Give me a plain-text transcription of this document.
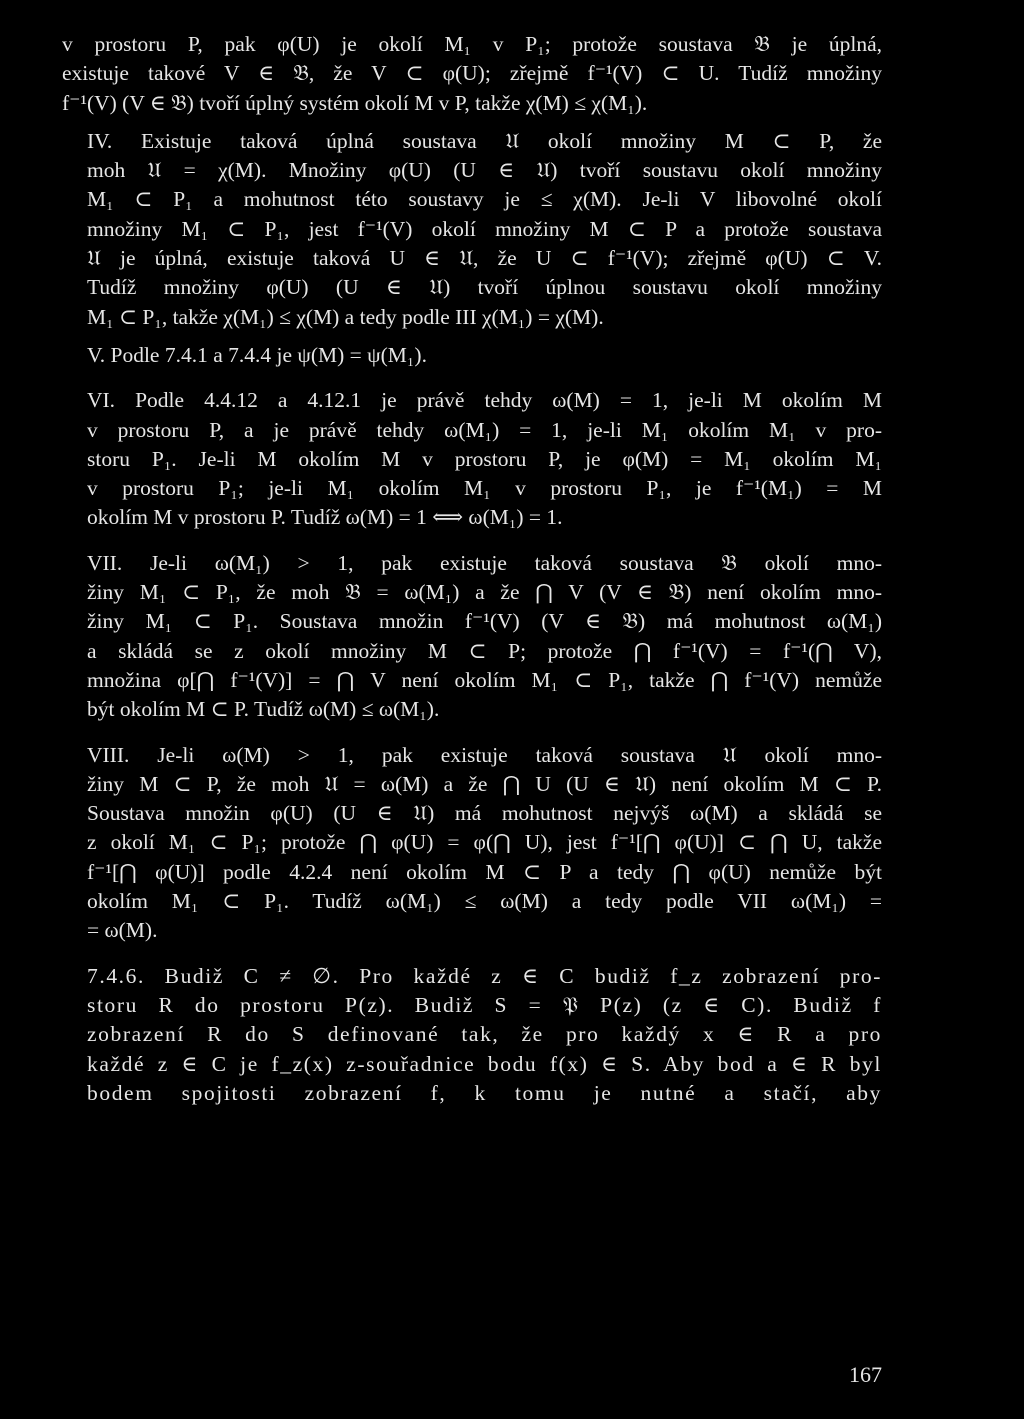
v prostoru P, pak φ(U) je okolí M₁ v P₁; protože soustava 𝔅 je úplná,
existuje takové V ∈ 𝔅, že V ⊂ φ(U); zřejmě f⁻¹(V) ⊂ U. Tudíž množiny
f⁻¹(V) (V ∈ 𝔅) tvoří úplný systém okolí M v P, takže χ(M) ≤ χ(M₁).
IV. Existuje taková úplná soustava 𝔘 okolí množiny M ⊂ P, že
moh 𝔘 = χ(M). Množiny φ(U) (U ∈ 𝔘) tvoří soustavu okolí množiny
M₁ ⊂ P₁ a mohutnost této soustavy je ≤ χ(M). Je-li V libovolné okolí
množiny M₁ ⊂ P₁, jest f⁻¹(V) okolí množiny M ⊂ P a protože soustava
𝔘 je úplná, existuje taková U ∈ 𝔘, že U ⊂ f⁻¹(V); zřejmě φ(U) ⊂ V.
Tudíž množiny φ(U) (U ∈ 𝔘) tvoří úplnou soustavu okolí množiny
M₁ ⊂ P₁, takže χ(M₁) ≤ χ(M) a tedy podle III χ(M₁) = χ(M).
V. Podle 7.4.1 a 7.4.4 je ψ(M) = ψ(M₁).
VI. Podle 4.4.12 a 4.12.1 je právě tehdy ω(M) = 1, je-li M okolím M
v prostoru P, a je právě tehdy ω(M₁) = 1, je-li M₁ okolím M₁ v pro-
storu P₁. Je-li M okolím M v prostoru P, je φ(M) = M₁ okolím M₁
v prostoru P₁; je-li M₁ okolím M₁ v prostoru P₁, je f⁻¹(M₁) = M
okolím M v prostoru P. Tudíž ω(M) = 1 ⟺ ω(M₁) = 1.
VII. Je-li ω(M₁) > 1, pak existuje taková soustava 𝔅 okolí mno-
žiny M₁ ⊂ P₁, že moh 𝔅 = ω(M₁) a že ⋂ V (V ∈ 𝔅) není okolím mno-
žiny M₁ ⊂ P₁. Soustava množin f⁻¹(V) (V ∈ 𝔅) má mohutnost ω(M₁)
a skládá se z okolí množiny M ⊂ P; protože ⋂ f⁻¹(V) = f⁻¹(⋂ V),
množina φ[⋂ f⁻¹(V)] = ⋂ V není okolím M₁ ⊂ P₁, takže ⋂ f⁻¹(V) nemůže
být okolím M ⊂ P. Tudíž ω(M) ≤ ω(M₁).
VIII. Je-li ω(M) > 1, pak existuje taková soustava 𝔘 okolí mno-
žiny M ⊂ P, že moh 𝔘 = ω(M) a že ⋂ U (U ∈ 𝔘) není okolím M ⊂ P.
Soustava množin φ(U) (U ∈ 𝔘) má mohutnost nejvýš ω(M) a skládá se
z okolí M₁ ⊂ P₁; protože ⋂ φ(U) = φ(⋂ U), jest f⁻¹[⋂ φ(U)] ⊂ ⋂ U, takže
f⁻¹[⋂ φ(U)] podle 4.2.4 není okolím M ⊂ P a tedy ⋂ φ(U) nemůže být
okolím M₁ ⊂ P₁. Tudíž ω(M₁) ≤ ω(M) a tedy podle VII ω(M₁) =
= ω(M).
7.4.6. Budiž C ≠ ∅. Pro každé z ∈ C budiž f_z zobrazení pro-
storu R do prostoru P(z). Budiž S = 𝔓 P(z) (z ∈ C). Budiž f
zobrazení R do S definované tak, že pro každý x ∈ R a pro
každé z ∈ C je f_z(x) z-souřadnice bodu f(x) ∈ S. Aby bod a ∈ R byl
bodem spojitosti zobrazení f, k tomu je nutné a stačí, aby
167
